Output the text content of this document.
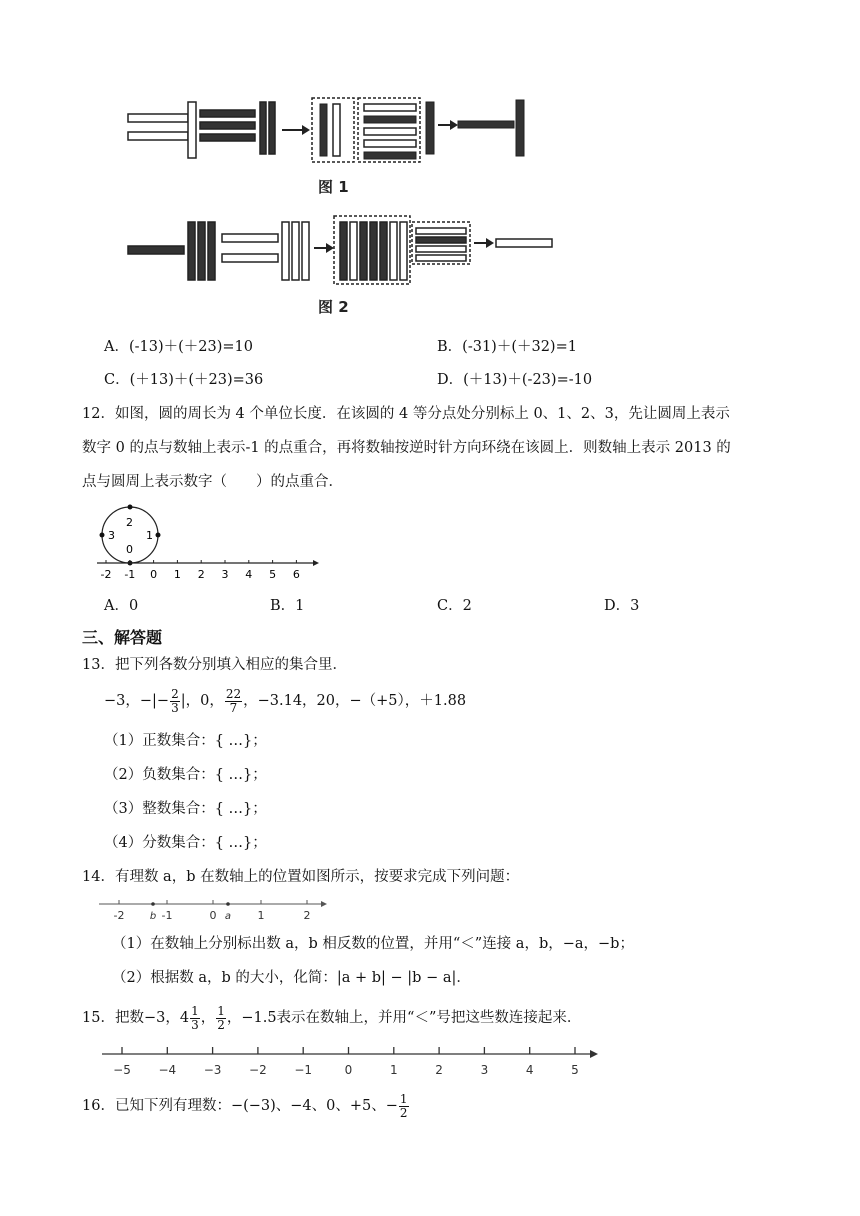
图 1
图 2
A．(-13)＋(＋23)=10	B．(-31)＋(＋32)=1
C．(＋13)＋(＋23)=36	D．(＋13)＋(-23)=-10
12．如图，圆的周长为 4 个单位长度．在该圆的 4 等分点处分别标上 0、1、2、3，先让圆周上表示
数字 0 的点与数轴上表示-1 的点重合，再将数轴按逆时针方向环绕在该圆上．则数轴上表示 2013 的
点与圆周上表示数字（　　）的点重合．
0
1
2
3
-2 -1 0 1 2 3 4 5 6
A．0	B．1	C．2	D．3
三、解答题
13．把下列各数分别填入相应的集合里．
−3，−|− $\frac{2}{3}$ |，0， $\frac{22}{7}$ ，−3.14，20，−（+5），＋1.88
（1）正数集合：{ …}；
（2）负数集合：{ …}；
（3）整数集合：{ …}；
（4）分数集合：{ …}；
14．有理数 a，b 在数轴上的位置如图所示，按要求完成下列问题：
-2	b -1	0 a 1	2
（1）在数轴上分别标出数 a，b 相反数的位置，并用“＜”连接 a，b，−a，−b；
（2）根据数 a，b 的大小，化简：|a + b| − |b − a|．
15．把数−3，$4 \frac{1}{3}$ ， $\frac{1}{2}$ ，−1.5表示在数轴上，并用“＜”号把这些数连接起来．
−5 −4 −3 −2 −1	0	1	2	3	4	5
16．已知下列有理数：−(−3)、−4、0、+5、− $\frac{1}{2}$
